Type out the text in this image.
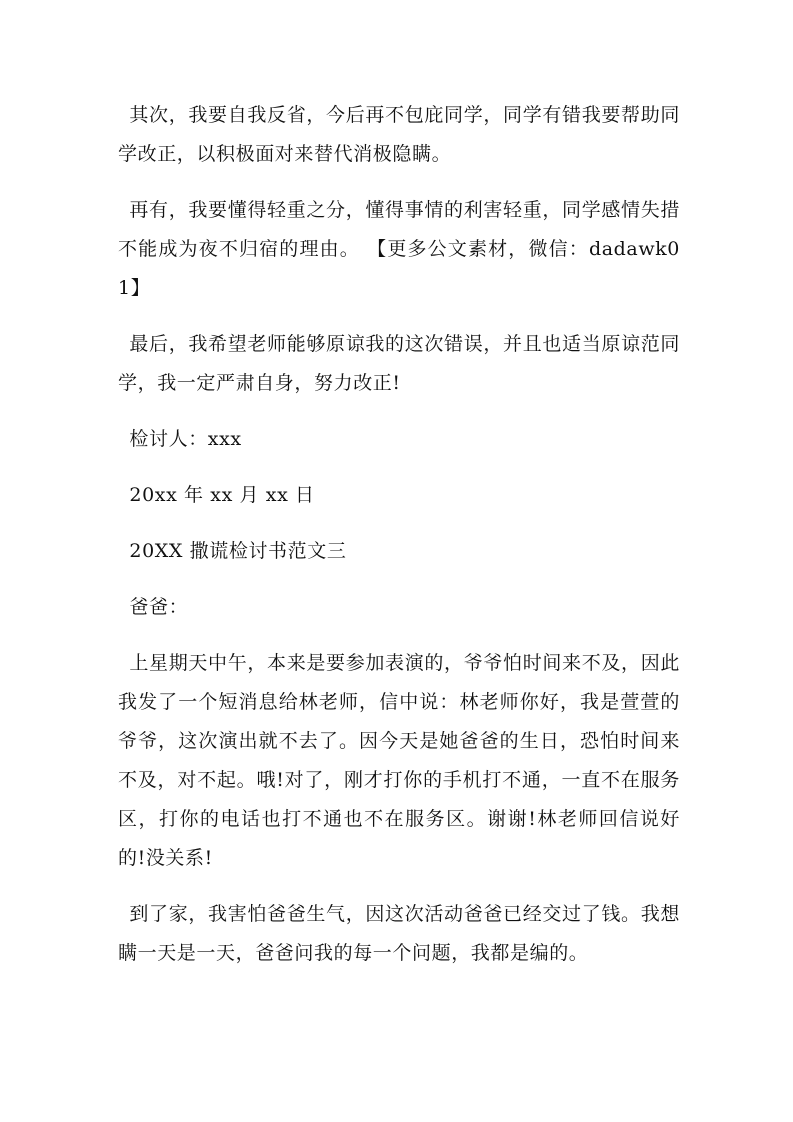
其次，我要自我反省，今后再不包庇同学，同学有错我要帮助同学改正，以积极面对来替代消极隐瞒。

再有，我要懂得轻重之分，懂得事情的利害轻重，同学感情失措不能成为夜不归宿的理由。 【更多公文素材，微信：dadawk01】

最后，我希望老师能够原谅我的这次错误，并且也适当原谅范同学，我一定严肃自身，努力改正!

检讨人：xxx

20xx 年 xx 月 xx 日

20XX 撒谎检讨书范文三

爸爸：

上星期天中午，本来是要参加表演的，爷爷怕时间来不及，因此我发了一个短消息给林老师，信中说：林老师你好，我是萱萱的爷爷，这次演出就不去了。因今天是她爸爸的生日，恐怕时间来不及，对不起。哦!对了，刚才打你的手机打不通，一直不在服务区，打你的电话也打不通也不在服务区。谢谢!林老师回信说好的!没关系!

到了家，我害怕爸爸生气，因这次活动爸爸已经交过了钱。我想瞒一天是一天，爸爸问我的每一个问题，我都是编的。
